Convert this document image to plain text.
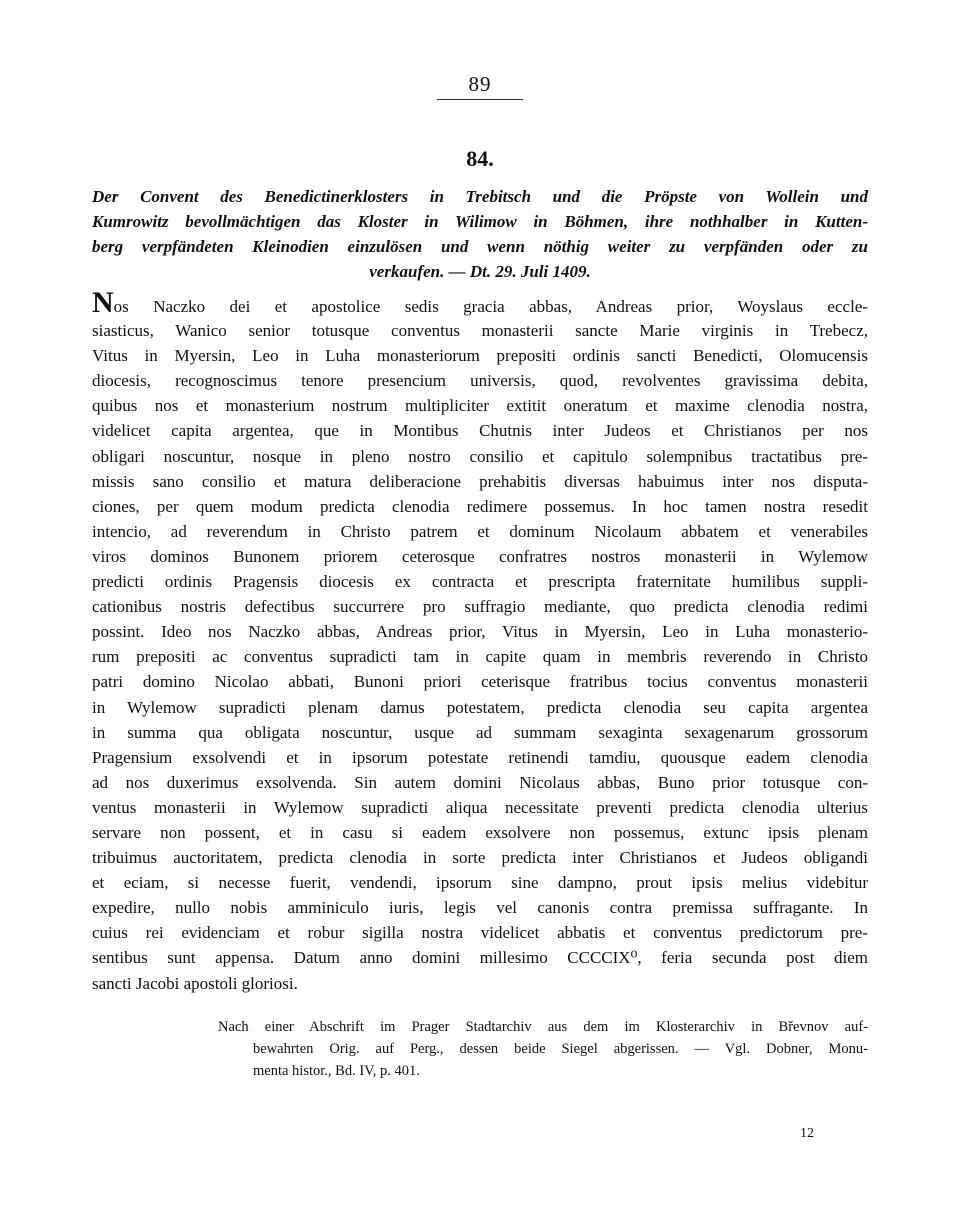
89
84.
Der Convent des Benedictinerklosters in Trebitsch und die Pröpste von Wollein und
Kumrowitz bevollmächtigen das Kloster in Wilimow in Böhmen, ihre nothhalber in Kutten-
berg verpfändeten Kleinodien einzulösen und wenn nöthig weiter zu verpfänden oder zu
verkaufen. — Dt. 29. Juli 1409.
Nos Naczko dei et apostolice sedis gracia abbas, Andreas prior, Woyslaus eccle-
siasticus, Wanico senior totusque conventus monasterii sancte Marie virginis in Trebecz,
Vitus in Myersin, Leo in Luha monasteriorum prepositi ordinis sancti Benedicti, Olomucensis
diocesis, recognoscimus tenore presencium universis, quod, revolventes gravissima debita,
quibus nos et monasterium nostrum multipliciter extitit oneratum et maxime clenodia nostra,
videlicet capita argentea, que in Montibus Chutnis inter Judeos et Christianos per nos
obligari noscuntur, nosque in pleno nostro consilio et capitulo solempnibus tractatibus pre-
missis sano consilio et matura deliberacione prehabitis diversas habuimus inter nos disputa-
ciones, per quem modum predicta clenodia redimere possemus. In hoc tamen nostra resedit
intencio, ad reverendum in Christo patrem et dominum Nicolaum abbatem et venerabiles
viros dominos Bunonem priorem ceterosque confratres nostros monasterii in Wylemow
predicti ordinis Pragensis diocesis ex contracta et prescripta fraternitate humilibus suppli-
cationibus nostris defectibus succurrere pro suffragio mediante, quo predicta clenodia redimi
possint. Ideo nos Naczko abbas, Andreas prior, Vitus in Myersin, Leo in Luha monasterio-
rum prepositi ac conventus supradicti tam in capite quam in membris reverendo in Christo
patri domino Nicolao abbati, Bunoni priori ceterisque fratribus tocius conventus monasterii
in Wylemow supradicti plenam damus potestatem, predicta clenodia seu capita argentea
in summa qua obligata noscuntur, usque ad summam sexaginta sexagenarum grossorum
Pragensium exsolvendi et in ipsorum potestate retinendi tamdiu, quousque eadem clenodia
ad nos duxerimus exsolvenda. Sin autem domini Nicolaus abbas, Buno prior totusque con-
ventus monasterii in Wylemow supradicti aliqua necessitate preventi predicta clenodia ulterius
servare non possent, et in casu si eadem exsolvere non possemus, extunc ipsis plenam
tribuimus auctoritatem, predicta clenodia in sorte predicta inter Christianos et Judeos obligandi
et eciam, si necesse fuerit, vendendi, ipsorum sine dampno, prout ipsis melius videbitur
expedire, nullo nobis amminiculo iuris, legis vel canonis contra premissa suffragante. In
cuius rei evidenciam et robur sigilla nostra videlicet abbatis et conventus predictorum pre-
sentibus sunt appensa. Datum anno domini millesimo CCCCIX⁰, feria secunda post diem
sancti Jacobi apostoli gloriosi.
Nach einer Abschrift im Prager Stadtarchiv aus dem im Klosterarchiv in Břevnov auf-
bewahrten Orig. auf Perg., dessen beide Siegel abgerissen. — Vgl. Dobner, Monu-
menta histor., Bd. IV, p. 401.
12
